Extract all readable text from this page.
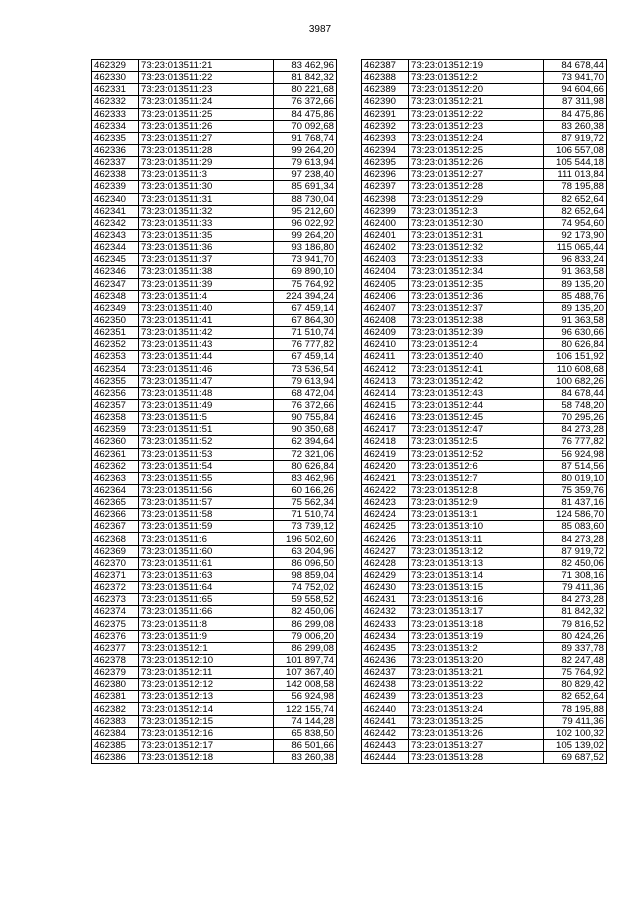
3987
462329	73:23:013511:21	83 462,96
462330	73:23:013511:22	81 842,32
462331	73:23:013511:23	80 221,68
462332	73:23:013511:24	76 372,66
462333	73:23:013511:25	84 475,86
462334	73:23:013511:26	70 092,68
462335	73:23:013511:27	91 768,74
462336	73:23:013511:28	99 264,20
462337	73:23:013511:29	79 613,94
462338	73:23:013511:3	97 238,40
462339	73:23:013511:30	85 691,34
462340	73:23:013511:31	88 730,04
462341	73:23:013511:32	95 212,60
462342	73:23:013511:33	96 022,92
462343	73:23:013511:35	99 264,20
462344	73:23:013511:36	93 186,80
462345	73:23:013511:37	73 941,70
462346	73:23:013511:38	69 890,10
462347	73:23:013511:39	75 764,92
462348	73:23:013511:4	224 394,24
462349	73:23:013511:40	67 459,14
462350	73:23:013511:41	67 864,30
462351	73:23:013511:42	71 510,74
462352	73:23:013511:43	76 777,82
462353	73:23:013511:44	67 459,14
462354	73:23:013511:46	73 536,54
462355	73:23:013511:47	79 613,94
462356	73:23:013511:48	68 472,04
462357	73:23:013511:49	76 372,66
462358	73:23:013511:5	90 755,84
462359	73:23:013511:51	90 350,68
462360	73:23:013511:52	62 394,64
462361	73:23:013511:53	72 321,06
462362	73:23:013511:54	80 626,84
462363	73:23:013511:55	83 462,96
462364	73:23:013511:56	60 166,26
462365	73:23:013511:57	75 562,34
462366	73:23:013511:58	71 510,74
462367	73:23:013511:59	73 739,12
462368	73:23:013511:6	196 502,60
462369	73:23:013511:60	63 204,96
462370	73:23:013511:61	86 096,50
462371	73:23:013511:63	98 859,04
462372	73:23:013511:64	74 752,02
462373	73:23:013511:65	59 558,52
462374	73:23:013511:66	82 450,06
462375	73:23:013511:8	86 299,08
462376	73:23:013511:9	79 006,20
462377	73:23:013512:1	86 299,08
462378	73:23:013512:10	101 897,74
462379	73:23:013512:11	107 367,40
462380	73:23:013512:12	142 008,58
462381	73:23:013512:13	56 924,98
462382	73:23:013512:14	122 155,74
462383	73:23:013512:15	74 144,28
462384	73:23:013512:16	65 838,50
462385	73:23:013512:17	86 501,66
462386	73:23:013512:18	83 260,38
462387	73:23:013512:19	84 678,44
462388	73:23:013512:2	73 941,70
462389	73:23:013512:20	94 604,66
462390	73:23:013512:21	87 311,98
462391	73:23:013512:22	84 475,86
462392	73:23:013512:23	83 260,38
462393	73:23:013512:24	87 919,72
462394	73:23:013512:25	106 557,08
462395	73:23:013512:26	105 544,18
462396	73:23:013512:27	111 013,84
462397	73:23:013512:28	78 195,88
462398	73:23:013512:29	82 652,64
462399	73:23:013512:3	82 652,64
462400	73:23:013512:30	74 954,60
462401	73:23:013512:31	92 173,90
462402	73:23:013512:32	115 065,44
462403	73:23:013512:33	96 833,24
462404	73:23:013512:34	91 363,58
462405	73:23:013512:35	89 135,20
462406	73:23:013512:36	85 488,76
462407	73:23:013512:37	89 135,20
462408	73:23:013512:38	91 363,58
462409	73:23:013512:39	96 630,66
462410	73:23:013512:4	80 626,84
462411	73:23:013512:40	106 151,92
462412	73:23:013512:41	110 608,68
462413	73:23:013512:42	100 682,26
462414	73:23:013512:43	84 678,44
462415	73:23:013512:44	58 748,20
462416	73:23:013512:45	70 295,26
462417	73:23:013512:47	84 273,28
462418	73:23:013512:5	76 777,82
462419	73:23:013512:52	56 924,98
462420	73:23:013512:6	87 514,56
462421	73:23:013512:7	80 019,10
462422	73:23:013512:8	75 359,76
462423	73:23:013512:9	81 437,16
462424	73:23:013513:1	124 586,70
462425	73:23:013513:10	85 083,60
462426	73:23:013513:11	84 273,28
462427	73:23:013513:12	87 919,72
462428	73:23:013513:13	82 450,06
462429	73:23:013513:14	71 308,16
462430	73:23:013513:15	79 411,36
462431	73:23:013513:16	84 273,28
462432	73:23:013513:17	81 842,32
462433	73:23:013513:18	79 816,52
462434	73:23:013513:19	80 424,26
462435	73:23:013513:2	89 337,78
462436	73:23:013513:20	82 247,48
462437	73:23:013513:21	75 764,92
462438	73:23:013513:22	80 829,42
462439	73:23:013513:23	82 652,64
462440	73:23:013513:24	78 195,88
462441	73:23:013513:25	79 411,36
462442	73:23:013513:26	102 100,32
462443	73:23:013513:27	105 139,02
462444	73:23:013513:28	69 687,52
